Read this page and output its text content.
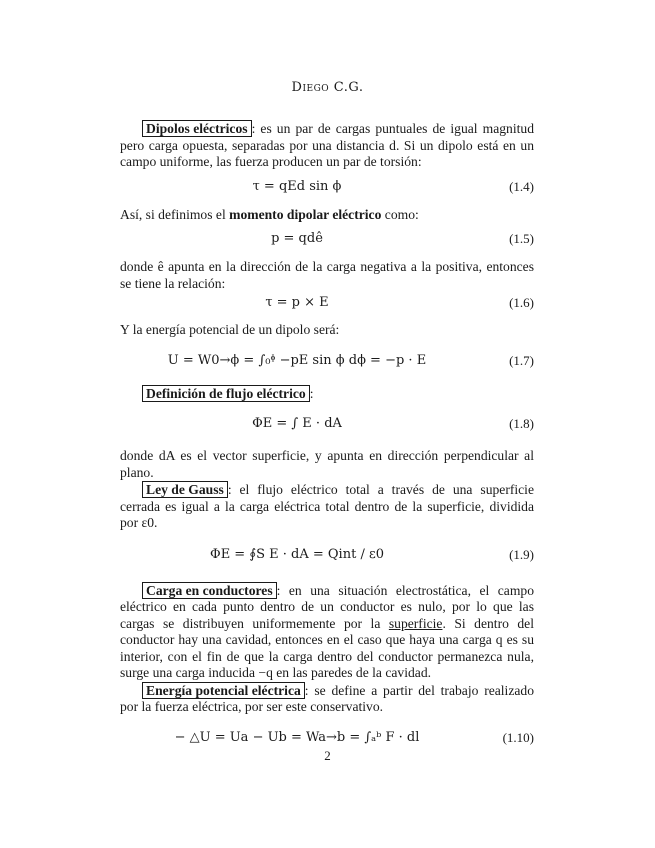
Diego C.G.

Dipolos eléctricos : es un par de cargas puntuales de igual magnitud pero carga opuesta, separadas por una distancia d. Si un dipolo está en un campo uniforme, las fuerza producen un par de torsión:

τ = qEd sin ϕ	(1.4)

Así, si definimos el momento dipolar eléctrico como:

p = qdê	(1.5)

donde ê apunta en la dirección de la carga negativa a la positiva, entonces se tiene la relación:

τ = p × E	(1.6)

Y la energía potencial de un dipolo será:

U = W0→ϕ = ∫₀ᶲ −pE sin ϕ dϕ = −p · E	(1.7)

Definición de flujo eléctrico :

ΦE = ∫ E · dA	(1.8)

donde dA es el vector superficie, y apunta en dirección perpendicular al plano.

Ley de Gauss : el flujo eléctrico total a través de una superficie cerrada es igual a la carga eléctrica total dentro de la superficie, dividida por ε0.

ΦE = ∮S E · dA = Qint / ε0	(1.9)

Carga en conductores : en una situación electrostática, el campo eléctrico en cada punto dentro de un conductor es nulo, por lo que las cargas se distribuyen uniformemente por la superficie. Si dentro del conductor hay una cavidad, entonces en el caso que haya una carga q es su interior, con el fin de que la carga dentro del conductor permanezca nula, surge una carga inducida −q en las paredes de la cavidad.

Energía potencial eléctrica : se define a partir del trabajo realizado por la fuerza eléctrica, por ser este conservativo.

− △U = Ua − Ub = Wa→b = ∫ₐᵇ F · dl	(1.10)
2
